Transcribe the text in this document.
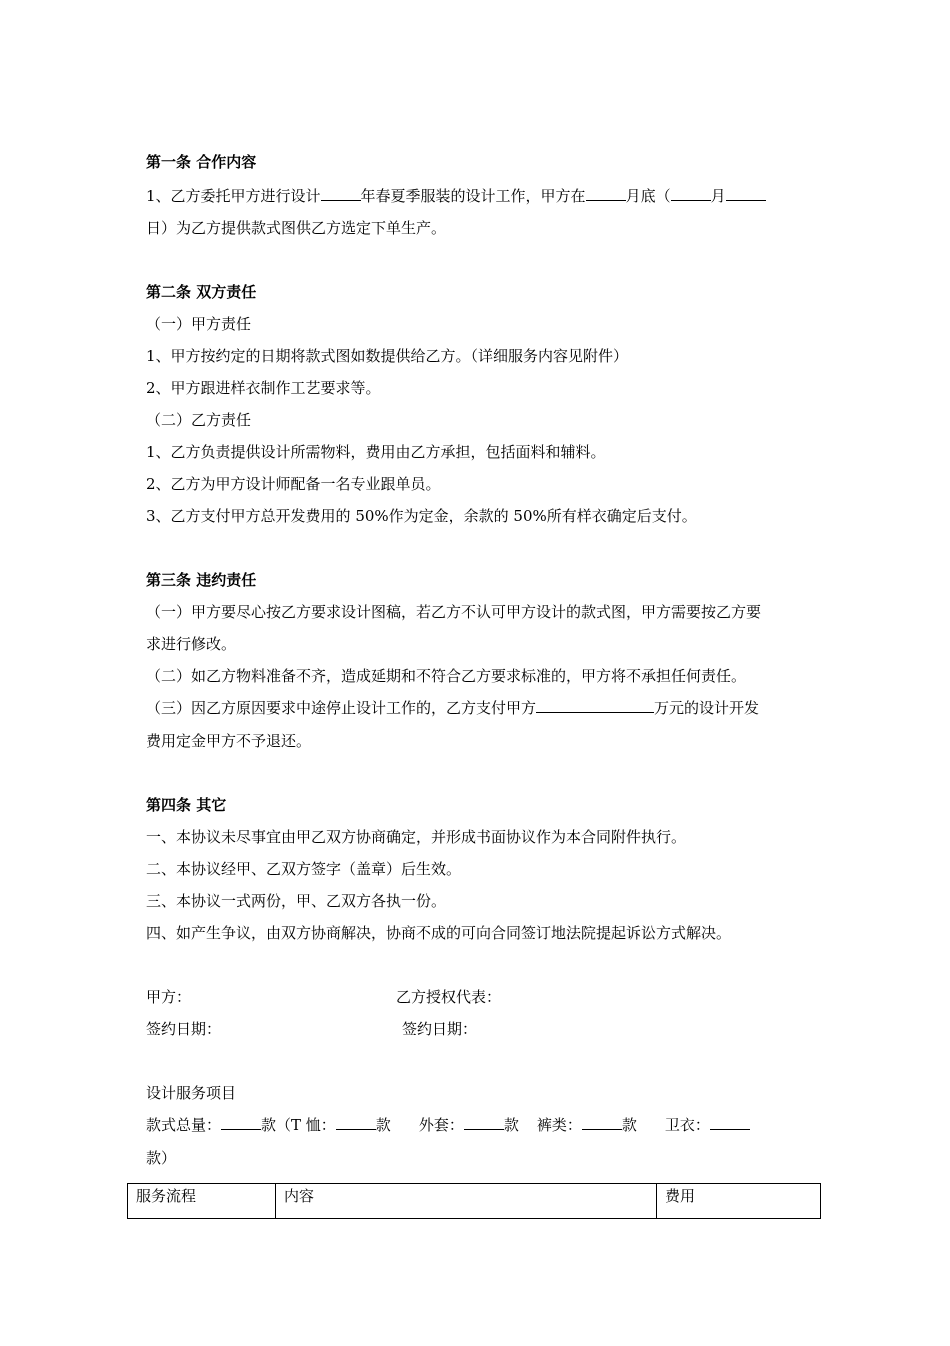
第一条 合作内容
1、乙方委托甲方进行设计	年春夏季服装的设计工作，甲方在	月底（	月
日）为乙方提供款式图供乙方选定下单生产。
第二条 双方责任
（一）甲方责任
1、甲方按约定的日期将款式图如数提供给乙方。（详细服务内容见附件）
2、甲方跟进样衣制作工艺要求等。
（二）乙方责任
1、乙方负责提供设计所需物料，费用由乙方承担，包括面料和辅料。
2、乙方为甲方设计师配备一名专业跟单员。
3、乙方支付甲方总开发费用的 50%作为定金，余款的 50%所有样衣确定后支付。
第三条 违约责任
（一）甲方要尽心按乙方要求设计图稿，若乙方不认可甲方设计的款式图，甲方需要按乙方要
求进行修改。
（二）如乙方物料准备不齐，造成延期和不符合乙方要求标准的，甲方将不承担任何责任。
（三）因乙方原因要求中途停止设计工作的，乙方支付甲方	万元的设计开发
费用定金甲方不予退还。
第四条 其它
一、本协议未尽事宜由甲乙双方协商确定，并形成书面协议作为本合同附件执行。
二、本协议经甲、乙双方签字（盖章）后生效。
三、本协议一式两份，甲、乙双方各执一份。
四、如产生争议，由双方协商解决，协商不成的可向合同签订地法院提起诉讼方式解决。
甲方：	乙方授权代表：
签约日期：	签约日期：
设计服务项目
款式总量：	款（T 恤：	款 外套：	款 裤类：	款 卫衣：
款）
服务流程	内容	费用
